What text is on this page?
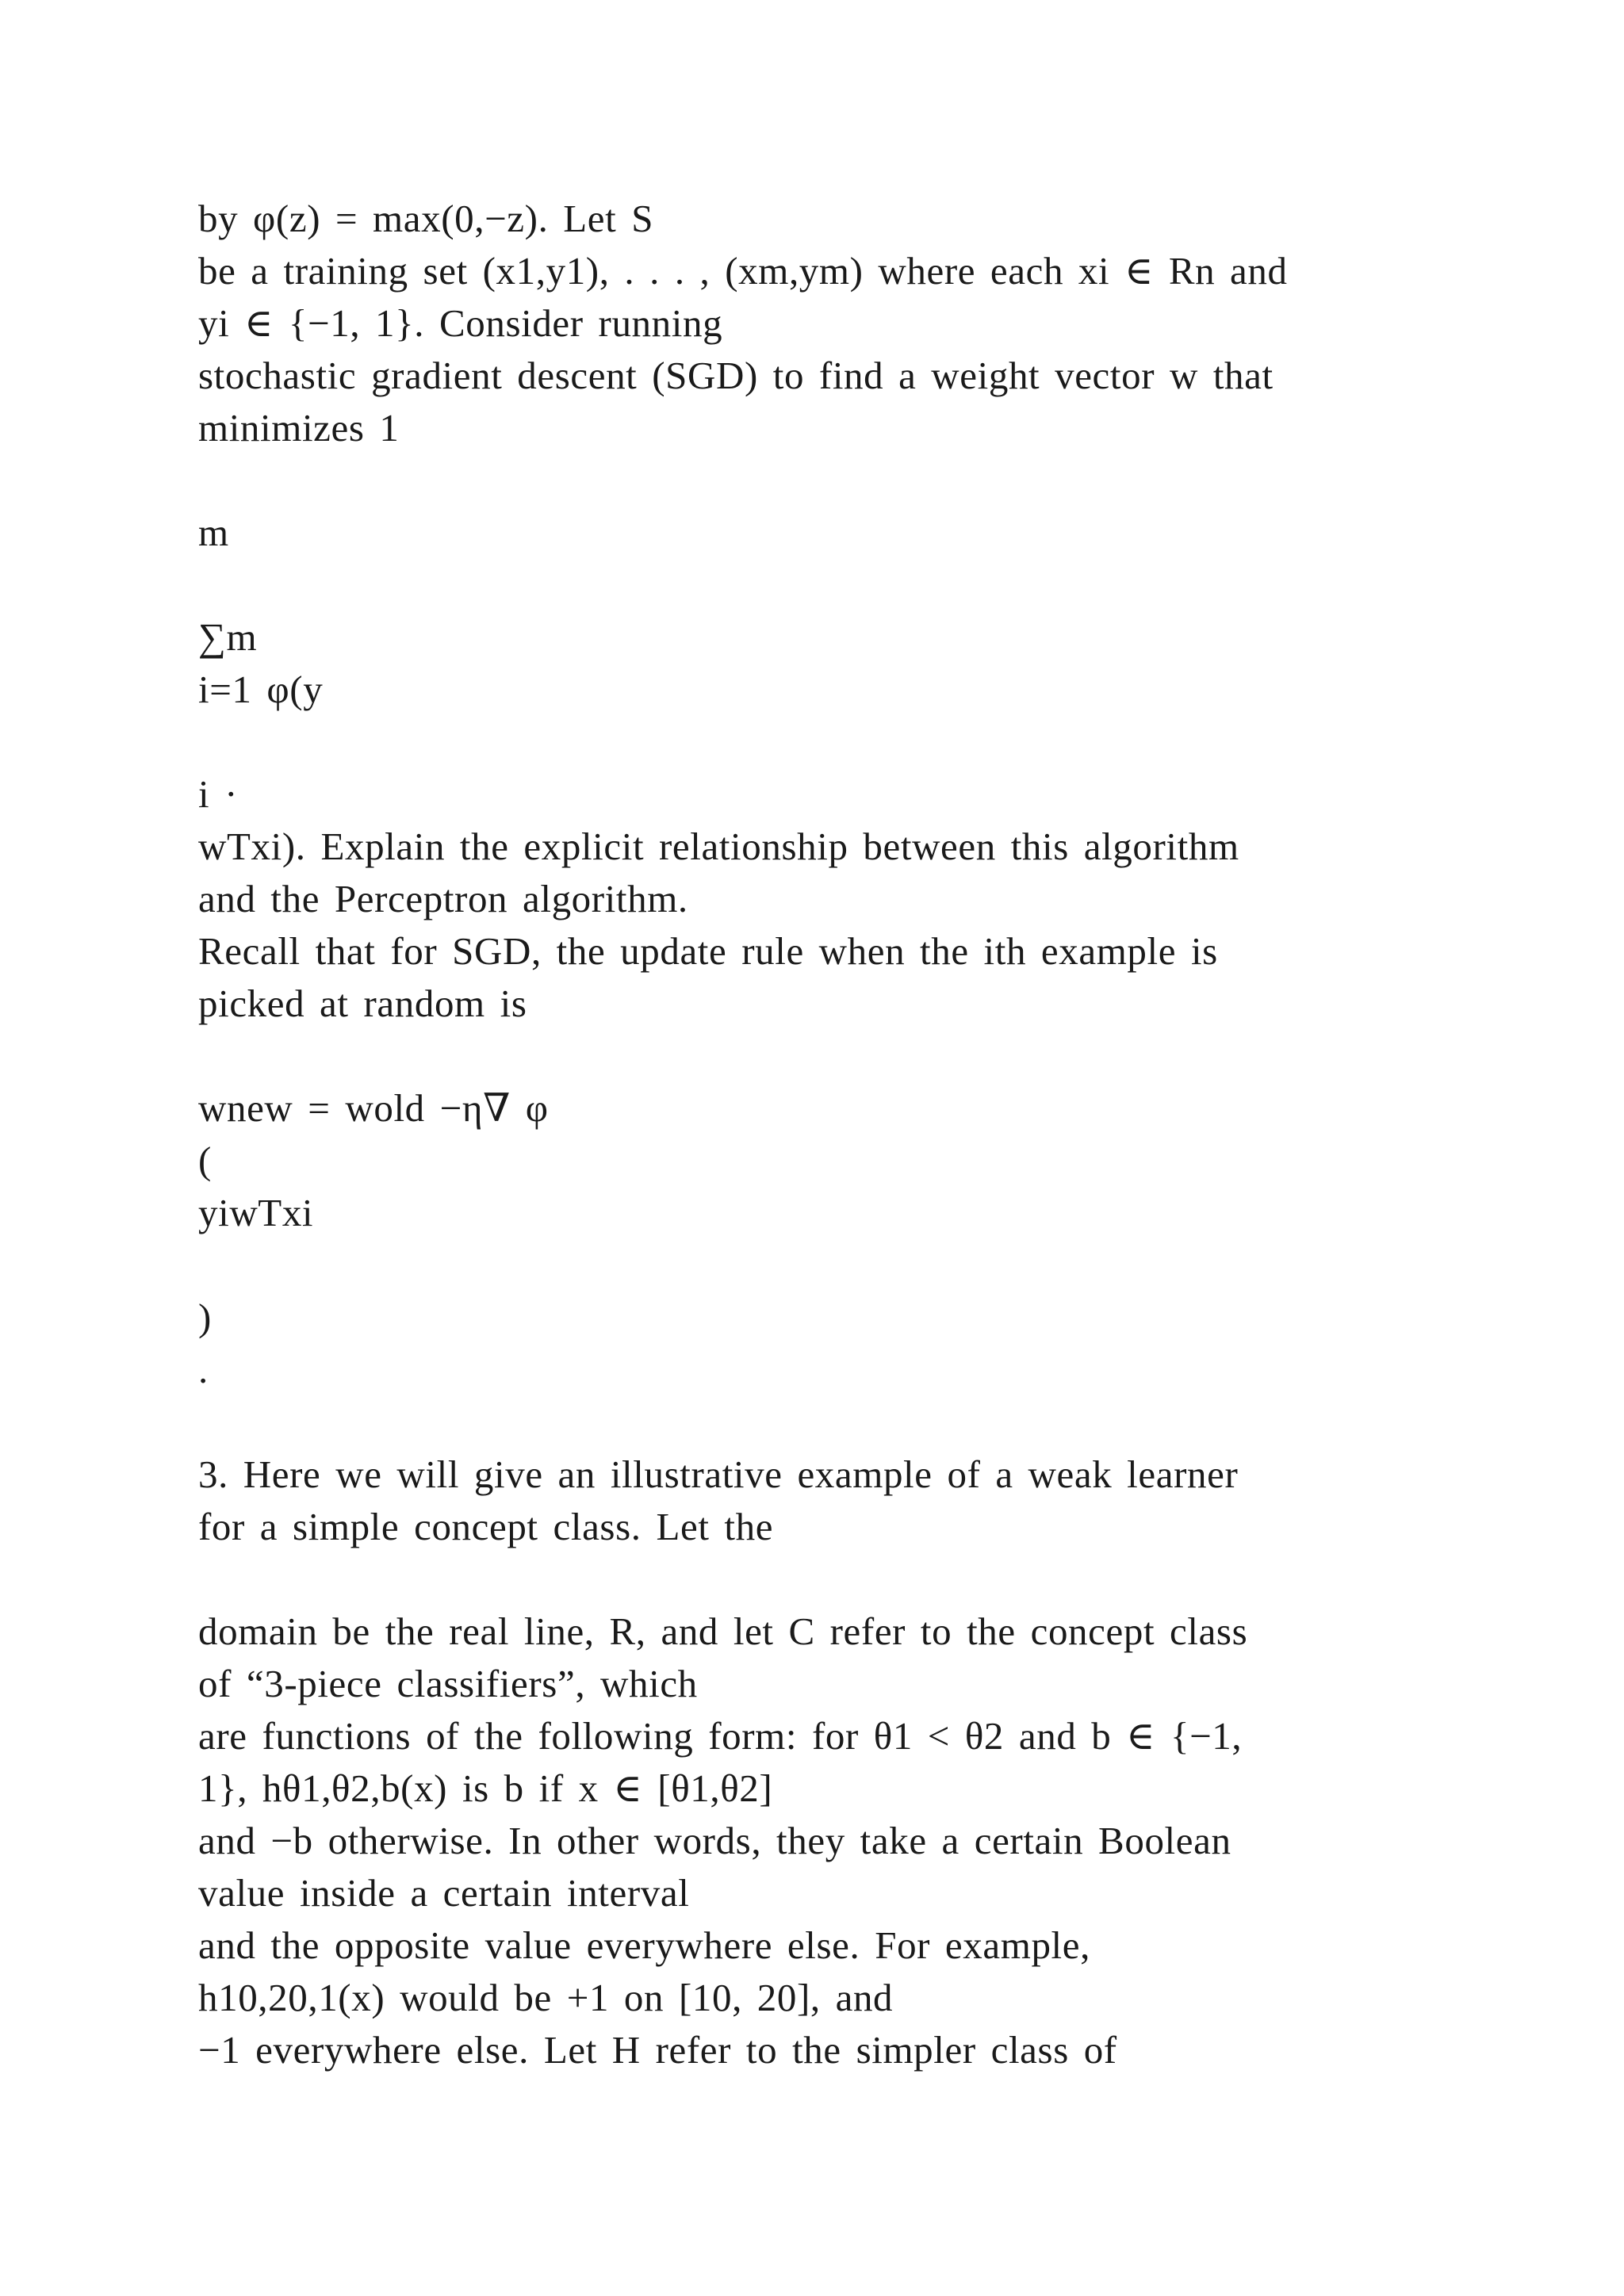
by φ(z) = max(0,−z). Let S
be a training set (x1,y1), . . . , (xm,ym) where each xi ∈ Rn and
yi ∈ {−1, 1}. Consider running
stochastic gradient descent (SGD) to find a weight vector w that
minimizes 1
m
∑m
i=1 φ(y
i ·
wTxi). Explain the explicit relationship between this algorithm
and the Perceptron algorithm.
Recall that for SGD, the update rule when the ith example is
picked at random is
wnew = wold −η∇ φ
(
yiwTxi
)
.
3. Here we will give an illustrative example of a weak learner
for a simple concept class. Let the
domain be the real line, R, and let C refer to the concept class
of “3-piece classifiers”, which
are functions of the following form: for θ1 < θ2 and b ∈ {−1,
1}, hθ1,θ2,b(x) is b if x ∈ [θ1,θ2]
and −b otherwise. In other words, they take a certain Boolean
value inside a certain interval
and the opposite value everywhere else. For example,
h10,20,1(x) would be +1 on [10, 20], and
−1 everywhere else. Let H refer to the simpler class of
